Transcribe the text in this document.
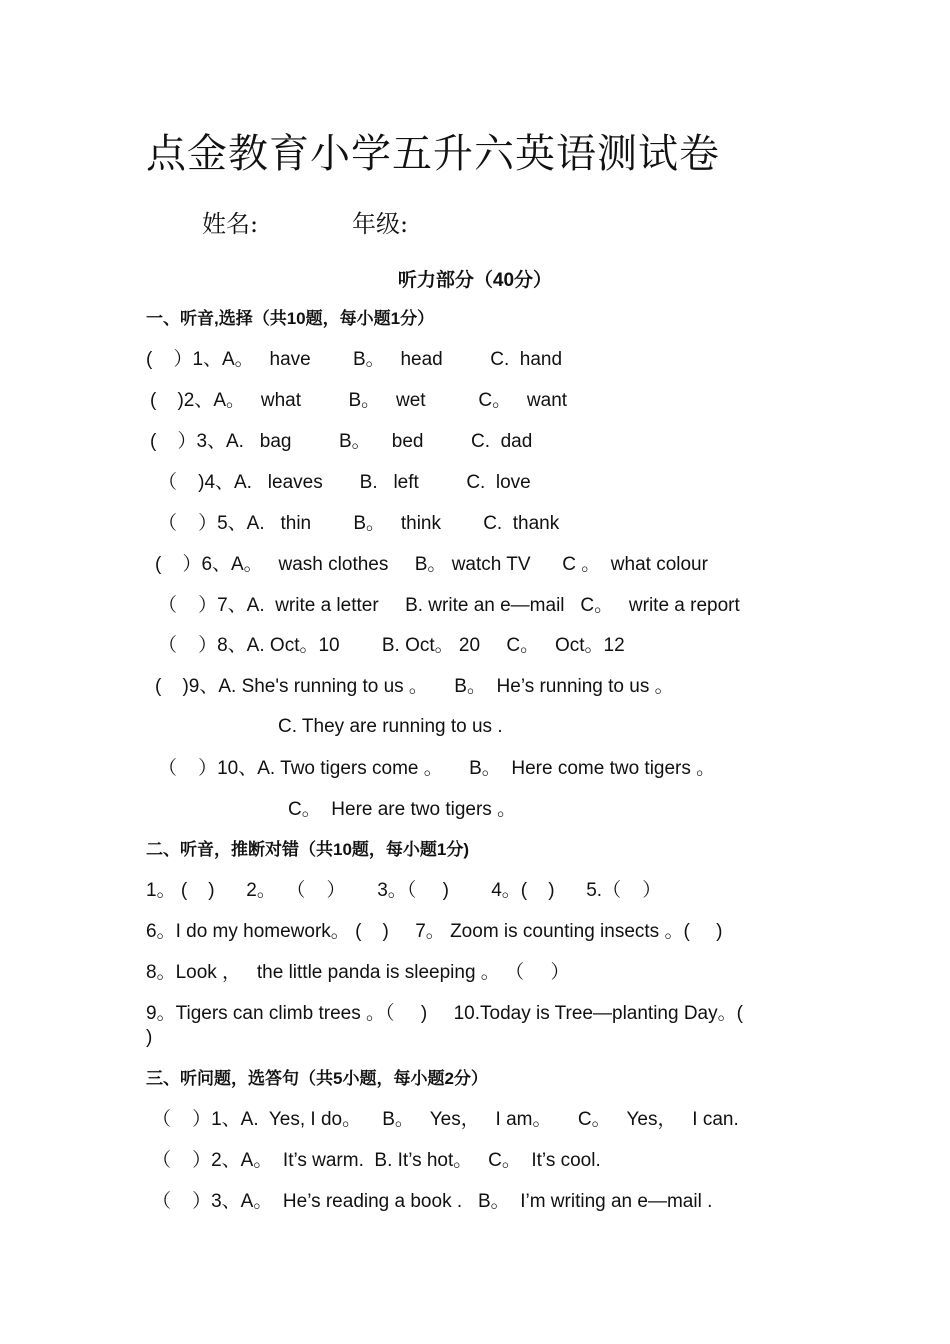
点金教育小学五升六英语测试卷
姓名:	年级:
听力部分（40分）
一、听音,选择（共10题，每小题1分）
(    ）1、A。   have        B。   head         C.  hand
(    )2、A。   what         B。   wet          C。   want
(    ）3、A.   bag         B。    bed         C.  dad
（    )4、A.   leaves       B.   left         C.  love
（    ）5、A.   thin        B。   think        C.  thank
(    ）6、A。   wash clothes     B。 watch TV      C 。  what colour
（    ）7、A.  write a letter     B. write an e—mail   C。   write a report
（    ）8、A. Oct。10        B. Oct。 20     C。   Oct。12
(    )9、A. She's running to us 。     B。  He’s running to us 。
C. They are running to us .
（    ）10、A. Two tigers come 。     B。  Here come two tigers 。
C。  Here are two tigers 。
二、听音，推断对错（共10题，每小题1分)
1。 (    )      2。  （    ）      3。（     )        4。(    )      5.（    ）
6。I do my homework。 (    )     7。 Zoom is counting insects 。(     )
8。Look ，   the little panda is sleeping 。 （     ）
9。Tigers can climb trees 。（     )     10.Today is Tree—planting Day。(
)
三、听问题，选答句（共5小题，每小题2分）
（    ）1、A.  Yes, I do。    B。   Yes，   I am。     C。   Yes，   I can.
（    ）2、A。  It’s warm.  B. It’s hot。   C。  It’s cool.
（    ）3、A。  He’s reading a book .   B。  I’m writing an e—mail .
